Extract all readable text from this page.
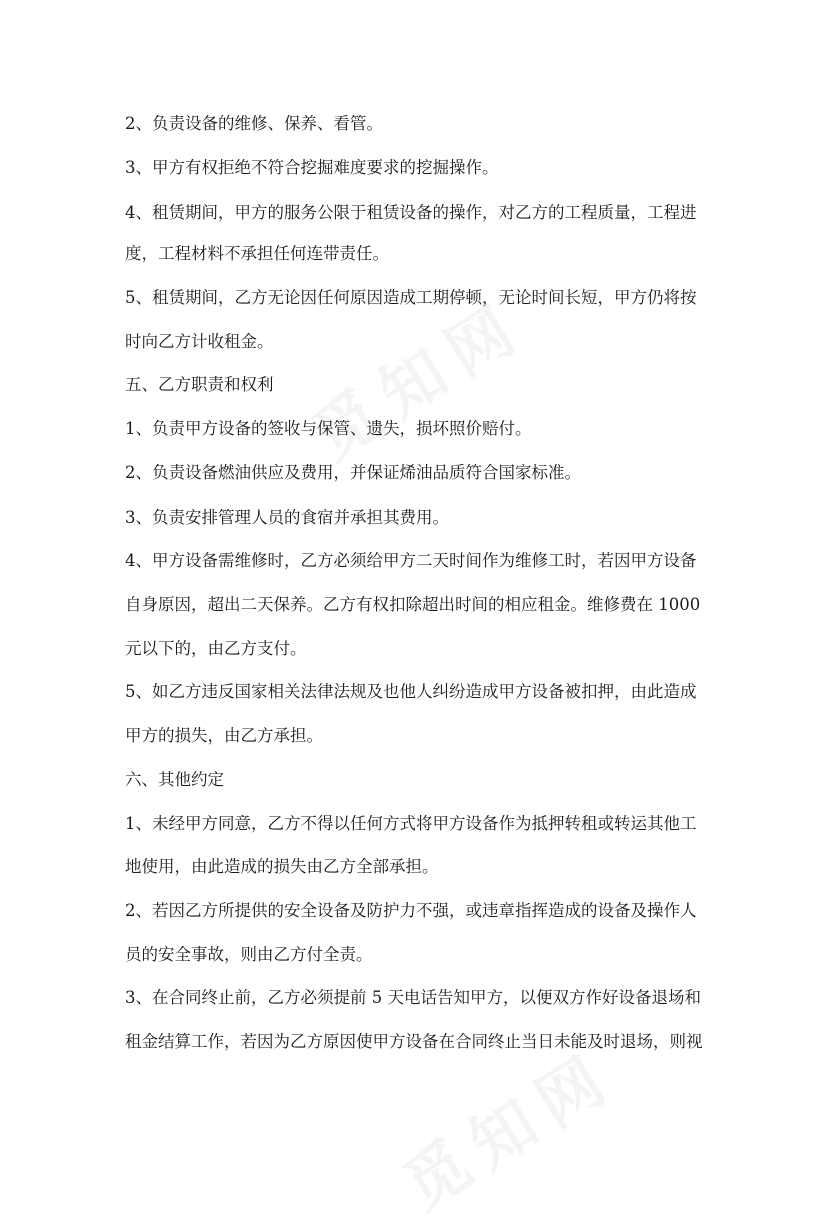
2、负责设备的维修、保养、看管。
3、甲方有权拒绝不符合挖掘难度要求的挖掘操作。
4、租赁期间，甲方的服务公限于租赁设备的操作，对乙方的工程质量，工程进
度，工程材料不承担任何连带责任。
5、租赁期间，乙方无论因任何原因造成工期停顿，无论时间长短，甲方仍将按
时向乙方计收租金。
五、乙方职责和权利
1、负责甲方设备的签收与保管、遗失，损坏照价赔付。
2、负责设备燃油供应及费用，并保证烯油品质符合国家标准。
3、负责安排管理人员的食宿并承担其费用。
4、甲方设备需维修时，乙方必须给甲方二天时间作为维修工时，若因甲方设备
自身原因，超出二天保养。乙方有权扣除超出时间的相应租金。维修费在 1000
元以下的，由乙方支付。
5、如乙方违反国家相关法律法规及也他人纠纷造成甲方设备被扣押，由此造成
甲方的损失，由乙方承担。
六、其他约定
1、未经甲方同意，乙方不得以任何方式将甲方设备作为抵押转租或转运其他工
地使用，由此造成的损失由乙方全部承担。
2、若因乙方所提供的安全设备及防护力不强，或违章指挥造成的设备及操作人
员的安全事故，则由乙方付全责。
3、在合同终止前，乙方必须提前 5 天电话告知甲方，以便双方作好设备退场和
租金结算工作，若因为乙方原因使甲方设备在合同终止当日未能及时退场，则视
